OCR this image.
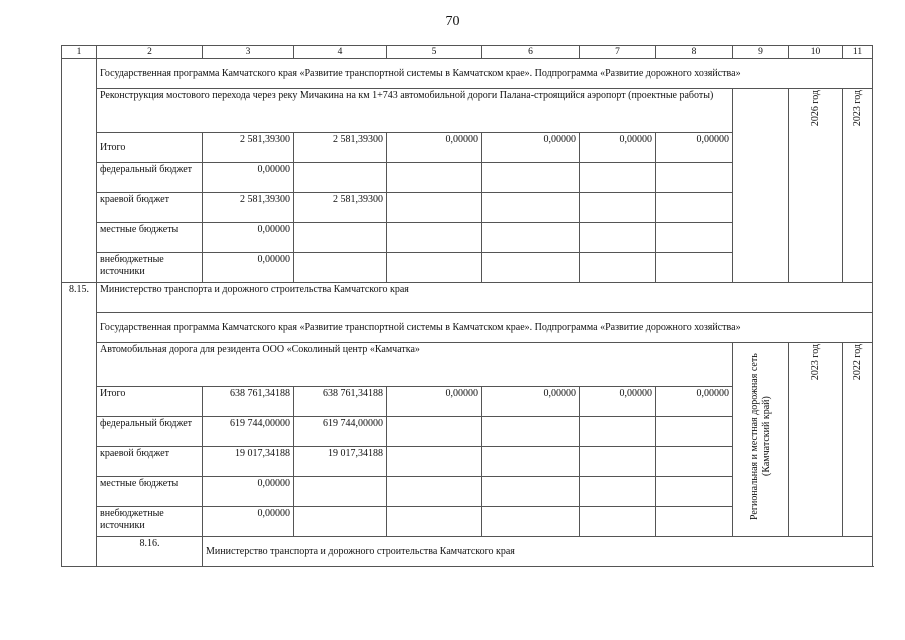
70
1	2	3	4	5	6	7	8	9	10	11
	Государственная программа Камчатского края «Развитие транспортной системы в Камчатском крае». Подпрограмма «Развитие дорожного хозяйства»									
	Реконструкция мостового перехода через реку Мичакина на км 1+743 автомобильной дороги Палана-строящийся аэропорт (проектные работы)								2026 год	2023 год
	Итого	2 581,39300	2 581,39300	0,00000	0,00000	0,00000	0,00000			
	федеральный бюджет	0,00000								
	краевой бюджет	2 581,39300	2 581,39300							
	местные бюджеты	0,00000								
	внебюджетные источники	0,00000								
8.15.	Министерство транспорта и дорожного строительства Камчатского края									
	Государственная программа Камчатского края «Развитие транспортной системы в Камчатском крае». Подпрограмма «Развитие дорожного хозяйства»									
	Автомобильная дорога для резидента ООО «Соколиный центр «Камчатка»							Региональная и местная дорожная сеть (Камчатский край)	2023 год	2022 год
	Итого	638 761,34188	638 761,34188	0,00000	0,00000	0,00000	0,00000			
	федеральный бюджет	619 744,00000	619 744,00000							
	краевой бюджет	19 017,34188	19 017,34188							
	местные бюджеты	0,00000								
	внебюджетные источники	0,00000								
	8.16.	Министерство транспорта и дорожного строительства Камчатского края								
